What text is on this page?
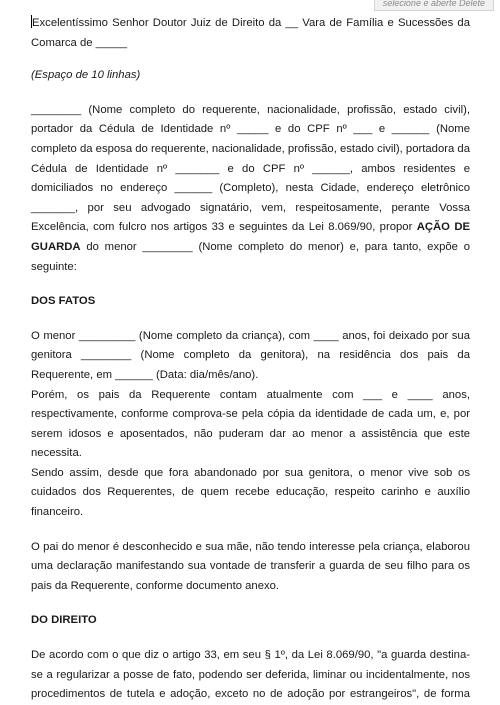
selecione e aberte Delete

Excelentíssimo Senhor Doutor Juiz de Direito da __ Vara de Família e Sucessões da Comarca de _____

(Espaço de 10 linhas)

________ (Nome completo do requerente, nacionalidade, profissão, estado civil), portador da Cédula de Identidade nº _____ e do CPF nº ___ e ______ (Nome completo da esposa do requerente, nacionalidade, profissão, estado civil), portadora da Cédula de Identidade nº _______ e do CPF nº ______, ambos residentes e domiciliados no endereço ______ (Completo), nesta Cidade, endereço eletrônico _______, por seu advogado signatário, vem, respeitosamente, perante Vossa Excelência, com fulcro nos artigos 33 e seguintes da Lei 8.069/90, propor AÇÃO DE GUARDA do menor ________ (Nome completo do menor) e, para tanto, expõe o seguinte:

DOS FATOS

O menor _________ (Nome completo da criança), com ____ anos, foi deixado por sua genitora ________ (Nome completo da genitora), na residência dos pais da Requerente, em ______ (Data: dia/mês/ano).

Porém, os pais da Requerente contam atualmente com ___ e ____ anos, respectivamente, conforme comprova-se pela cópia da identidade de cada um, e, por serem idosos e aposentados, não puderam dar ao menor a assistência que este necessita.

Sendo assim, desde que fora abandonado por sua genitora, o menor vive sob os cuidados dos Requerentes, de quem recebe educação, respeito carinho e auxílio financeiro.

O pai do menor é desconhecido e sua mãe, não tendo interesse pela criança, elaborou uma declaração manifestando sua vontade de transferir a guarda de seu filho para os pais da Requerente, conforme documento anexo.

DO DIREITO

De acordo com o que diz o artigo 33, em seu § 1º, da Lei 8.069/90, "a guarda destina-se a regularizar a posse de fato, podendo ser deferida, liminar ou incidentalmente, nos procedimentos de tutela e adoção, exceto no de adoção por estrangeiros", de forma
